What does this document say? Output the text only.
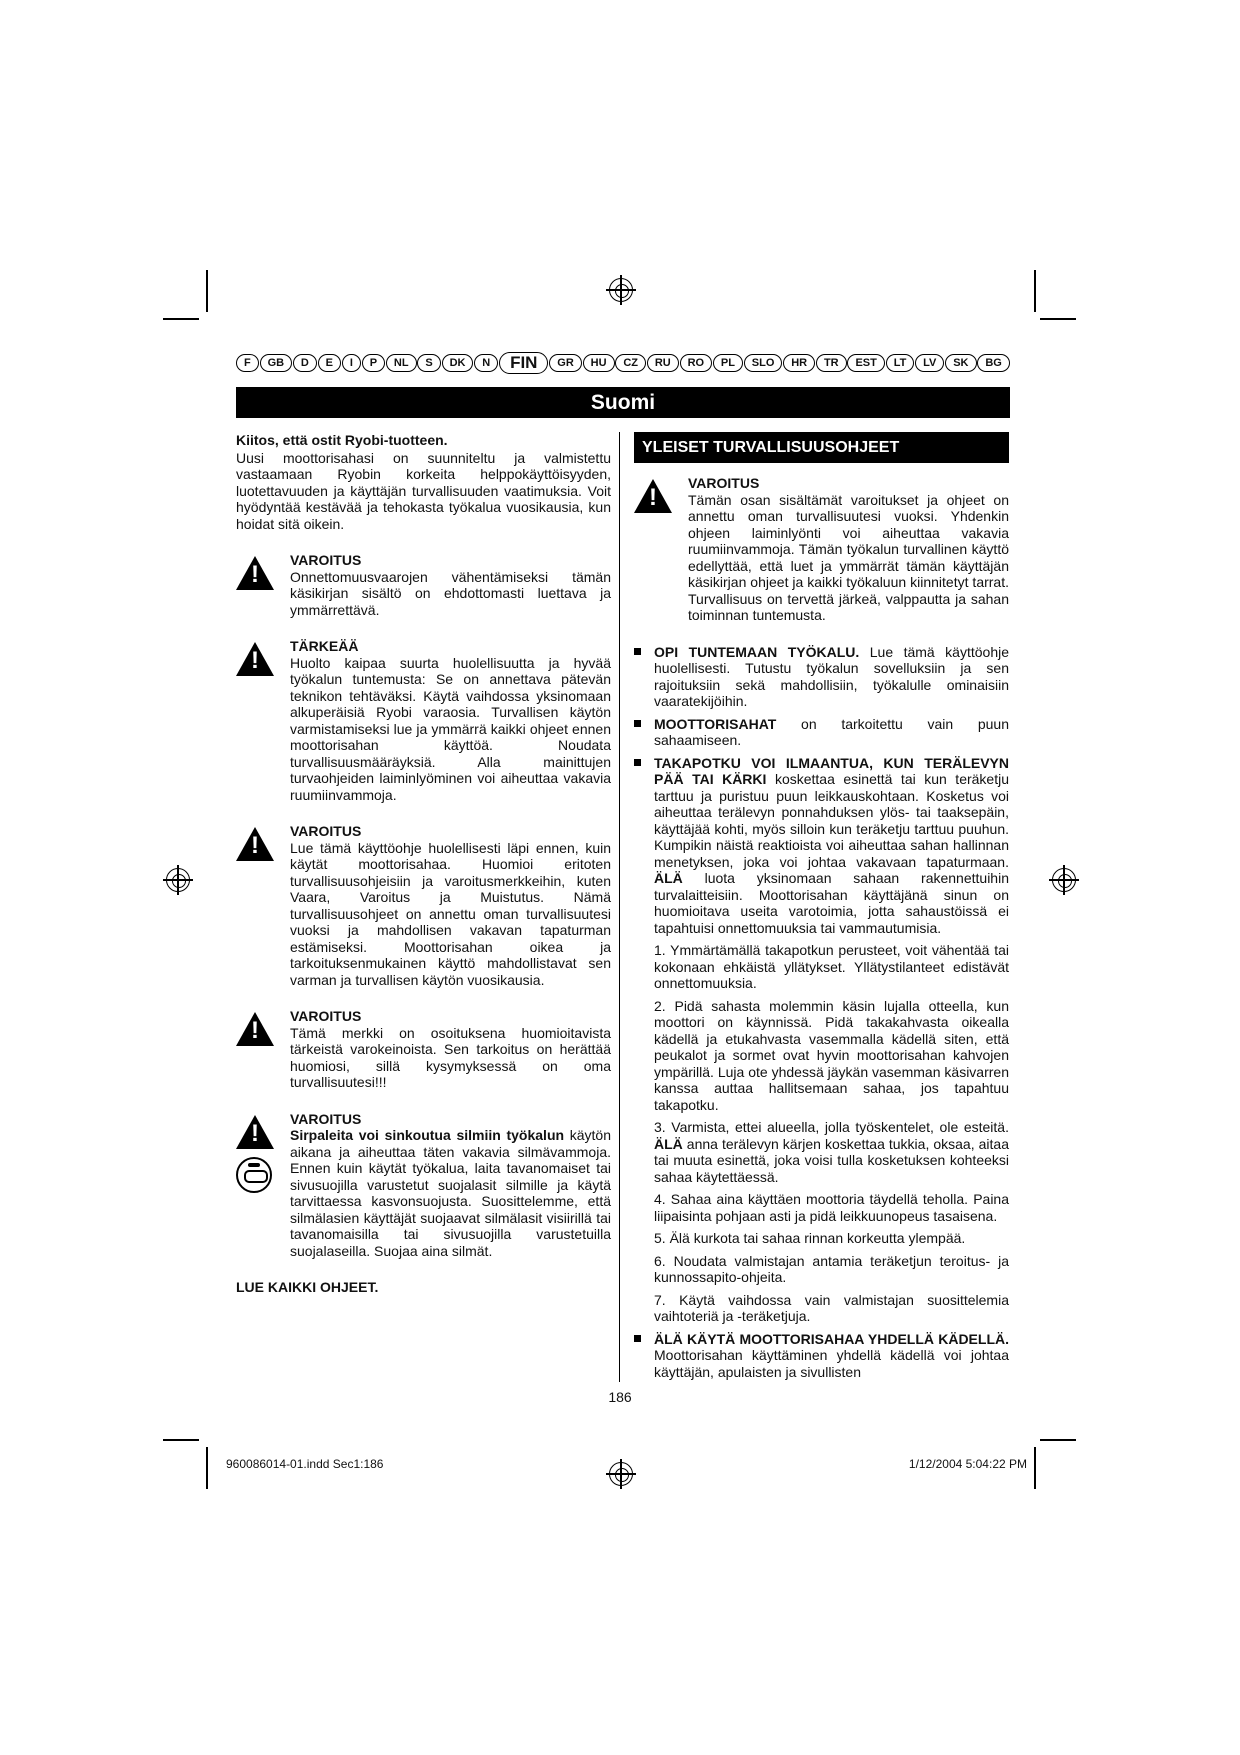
F	GB	D	E	I	P	NL	S	DK	N	FIN	GR	HU	CZ	RU	RO	PL	SLO	HR	TR	EST	LT	LV	SK	BG
Suomi

Kiitos, että ostit Ryobi-tuotteen.

Uusi moottorisahasi on suunniteltu ja valmistettu vastaamaan Ryobin korkeita helppokäyttöisyyden, luotettavuuden ja käyttäjän turvallisuuden vaatimuksia. Voit hyödyntää kestävää ja tehokasta työkalua vuosikausia, kun hoidat sitä oikein.

!

VAROITUS

Onnettomuusvaarojen vähentämiseksi tämän käsikirjan sisältö on ehdottomasti luettava ja ymmärrettävä.

!

TÄRKEÄÄ

Huolto kaipaa suurta huolellisuutta ja hyvää työkalun tuntemusta: Se on annettava pätevän teknikon tehtäväksi. Käytä vaihdossa yksinomaan alkuperäisiä Ryobi varaosia. Turvallisen käytön varmistamiseksi lue ja ymmärrä kaikki ohjeet ennen moottorisahan käyttöä. Noudata turvallisuusmääräyksiä. Alla mainittujen turvaohjeiden laiminlyöminen voi aiheuttaa vakavia ruumiinvammoja.

!

VAROITUS

Lue tämä käyttöohje huolellisesti läpi ennen, kuin käytät moottorisahaa. Huomioi eritoten turvallisuusohjeisiin ja varoitusmerkkeihin, kuten Vaara, Varoitus ja Muistutus. Nämä turvallisuusohjeet on annettu oman turvallisuutesi vuoksi ja mahdollisen vakavan tapaturman estämiseksi. Moottorisahan oikea ja tarkoituksenmukainen käyttö mahdollistavat sen varman ja turvallisen käytön vuosikausia.

!

VAROITUS

Tämä merkki on osoituksena huomioitavista tärkeistä varokeinoista. Sen tarkoitus on herättää huomiosi, sillä kysymyksessä on oma turvallisuutesi!!!

!

VAROITUS

Sirpaleita voi sinkoutua silmiin työkalun käytön aikana ja aiheuttaa täten vakavia silmävammoja. Ennen kuin käytät työkalua, laita tavanomaiset tai sivusuojilla varustetut suojalasit silmille ja käytä tarvittaessa kasvonsuojusta. Suosittelemme, että silmälasien käyttäjät suojaavat silmälasit visiirillä tai tavanomaisilla tai sivusuojilla varustetuilla suojalaseilla. Suojaa aina silmät.

LUE KAIKKI OHJEET.

YLEISET TURVALLISUUSOHJEET
!

VAROITUS

Tämän osan sisältämät varoitukset ja ohjeet on annettu oman turvallisuutesi vuoksi. Yhdenkin ohjeen laiminlyönti voi aiheuttaa vakavia ruumiinvammoja. Tämän työkalun turvallinen käyttö edellyttää, että luet ja ymmärrät tämän käyttäjän käsikirjan ohjeet ja kaikki työkaluun kiinnitetyt tarrat. Turvallisuus on tervettä järkeä, valppautta ja sahan toiminnan tuntemusta.

OPI TUNTEMAAN TYÖKALU. Lue tämä käyttöohje huolellisesti. Tutustu työkalun sovelluksiin ja sen rajoituksiin sekä mahdollisiin, työkalulle ominaisiin vaaratekijöihin.

MOOTTORISAHAT on tarkoitettu vain puun sahaamiseen.

TAKAPOTKU VOI ILMAANTUA, KUN TERÄLEVYN PÄÄ TAI KÄRKI koskettaa esinettä tai kun teräketju tarttuu ja puristuu puun leikkauskohtaan. Kosketus voi aiheuttaa terälevyn ponnahduksen ylös- tai taaksepäin, käyttäjää kohti, myös silloin kun teräketju tarttuu puuhun. Kumpikin näistä reaktioista voi aiheuttaa sahan hallinnan menetyksen, joka voi johtaa vakavaan tapaturmaan. ÄLÄ luota yksinomaan sahaan rakennettuihin turvalaitteisiin. Moottorisahan käyttäjänä sinun on huomioitava useita varotoimia, jotta sahaustöissä ei tapahtuisi onnettomuuksia tai vammautumisia.

1. Ymmärtämällä takapotkun perusteet, voit vähentää tai kokonaan ehkäistä yllätykset. Yllätystilanteet edistävät onnettomuuksia.

2. Pidä sahasta molemmin käsin lujalla otteella, kun moottori on käynnissä. Pidä takakahvasta oikealla kädellä ja etukahvasta vasemmalla kädellä siten, että peukalot ja sormet ovat hyvin moottorisahan kahvojen ympärillä. Luja ote yhdessä jäykän vasemman käsivarren kanssa auttaa hallitsemaan sahaa, jos tapahtuu takapotku.

3. Varmista, ettei alueella, jolla työskentelet, ole esteitä. ÄLÄ anna terälevyn kärjen koskettaa tukkia, oksaa, aitaa tai muuta esinettä, joka voisi tulla kosketuksen kohteeksi sahaa käytettäessä.

4. Sahaa aina käyttäen moottoria täydellä teholla. Paina liipaisinta pohjaan asti ja pidä leikkuunopeus tasaisena.

5. Älä kurkota tai sahaa rinnan korkeutta ylempää.

6. Noudata valmistajan antamia teräketjun teroitus- ja kunnossapito-ohjeita.

7. Käytä vaihdossa vain valmistajan suosittelemia vaihtoteriä ja -teräketjuja.

ÄLÄ KÄYTÄ MOOTTORISAHAA YHDELLÄ KÄDELLÄ. Moottorisahan käyttäminen yhdellä kädellä voi johtaa käyttäjän, apulaisten ja sivullisten

186
960086014-01.indd Sec1:186	1/12/2004 5:04:22 PM
